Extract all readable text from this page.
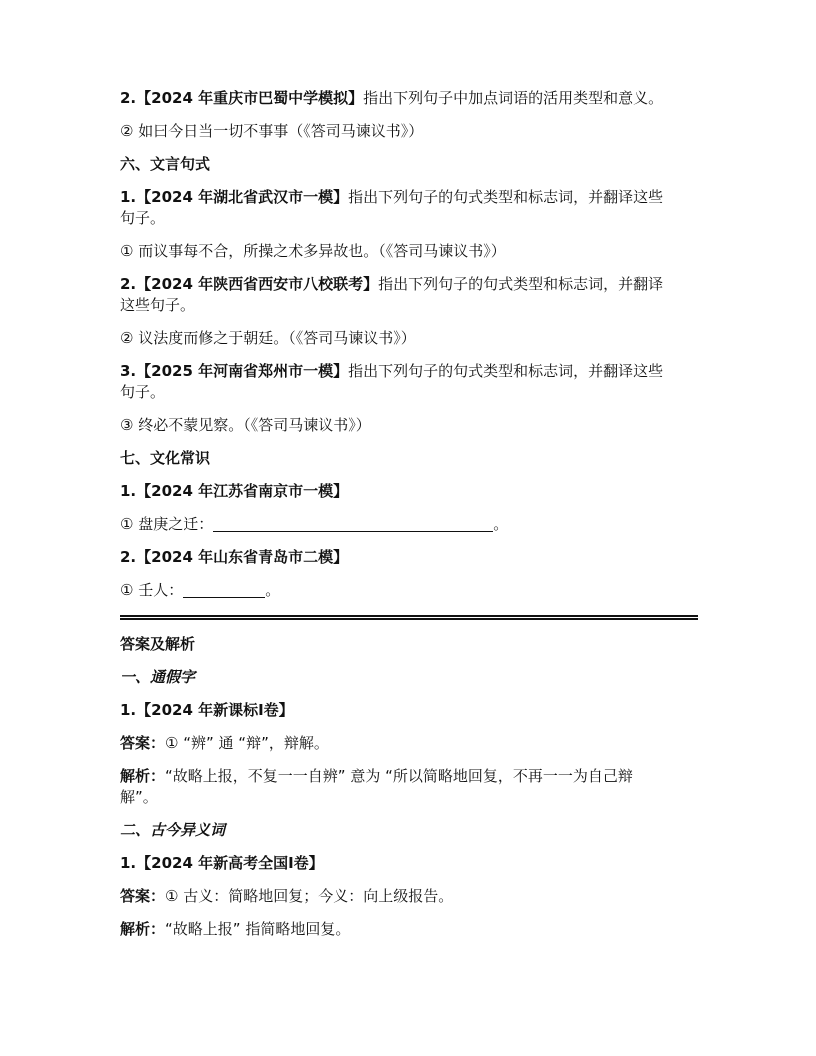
2.【2024 年重庆市巴蜀中学模拟】指出下列句子中加点词语的活用类型和意义。

② 如曰今日当一切不事事（《答司马谏议书》）

六、文言句式

1.【2024 年湖北省武汉市一模】指出下列句子的句式类型和标志词，并翻译这些
句子。

① 而议事每不合，所操之术多异故也。（《答司马谏议书》）

2.【2024 年陕西省西安市八校联考】指出下列句子的句式类型和标志词，并翻译
这些句子。

② 议法度而修之于朝廷。（《答司马谏议书》）

3.【2025 年河南省郑州市一模】指出下列句子的句式类型和标志词，并翻译这些
句子。

③ 终必不蒙见察。（《答司马谏议书》）

七、文化常识

1.【2024 年江苏省南京市一模】

① 盘庚之迁：	。

2.【2024 年山东省青岛市二模】

① 壬人：	。

答案及解析

一、通假字

1.【2024 年新课标Ⅰ卷】

答案：① “辨” 通 “辩”，辩解。

解析：“故略上报，不复一一自辨” 意为 “所以简略地回复，不再一一为自己辩
解”。

二、古今异义词

1.【2024 年新高考全国Ⅰ卷】

答案：① 古义：简略地回复；今义：向上级报告。

解析：“故略上报” 指简略地回复。
